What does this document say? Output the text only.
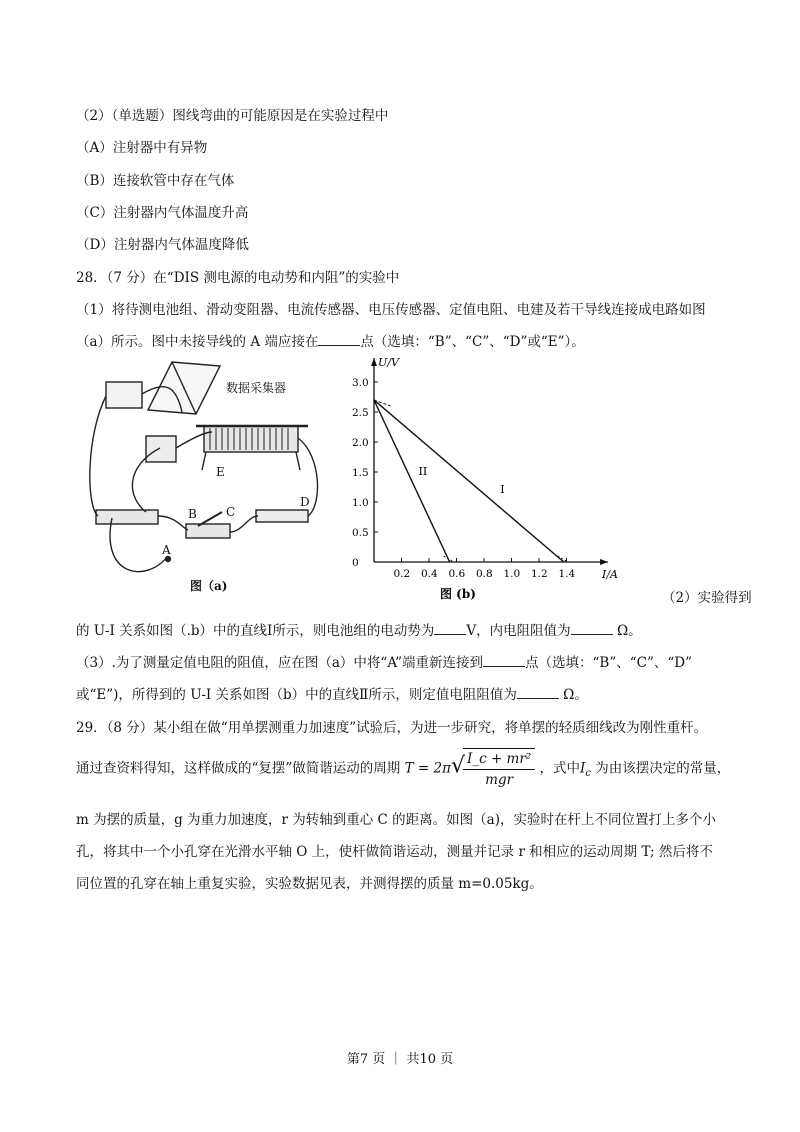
（2）（单选题）图线弯曲的可能原因是在实验过程中
（A）注射器中有异物
（B）连接软管中存在气体
（C）注射器内气体温度升高
（D）注射器内气体温度降低
28．（7 分）在“DIS 测电源的电动势和内阻”的实验中
（1）将待测电池组、滑动变阻器、电流传感器、电压传感器、定值电阻、电建及若干导线连接成电路如图
（a）所示。图中未接导线的 A 端应接在	点（选填：“B”、“C”、“D”或“E”）。
数据采集器
E
B C
D
A
图（a)
I/A
U/V
0.2 0.4 0.6 0.8 1.0 1.2 1.4
0
0.5
1.0
1.5
2.0
2.5
3.0
I
II
图 (b)	（2）实验得到
的 U-I 关系如图（.b）中的直线Ⅰ所示，则电池组的电动势为 V，内电阻阻值为	Ω。
（3）.为了测量定值电阻的阻值，应在图（a）中将“A”端重新连接到	点（选填：“B”、“C”、“D”
或“E”)，所得到的 U-I 关系如图（b）中的直线Ⅱ所示，则定值电阻阻值为	Ω。
29．（8 分）某小组在做“用单摆测重力加速度”试验后，为进一步研究，将单摆的轻质细线改为刚性重杆。
通过查资料得知，这样做成的“复摆”做简谐运动的周期 T = 2π√
$\frac{\text{I\_c + mr²}}{\text{mgr}}$ ，式中$I_c$ 为由该摆决定的常量，
m 为摆的质量，g 为重力加速度，r 为转轴到重心 C 的距离。如图（a)，实验时在杆上不同位置打上多个小
孔，将其中一个小孔穿在光滑水平轴 O 上，使杆做简谐运动，测量并记录 r 和相应的运动周期 T; 然后将不
同位置的孔穿在轴上重复实验，实验数据见表，并测得摆的质量 m=0.05kg。
第7 页 ｜ 共10 页
